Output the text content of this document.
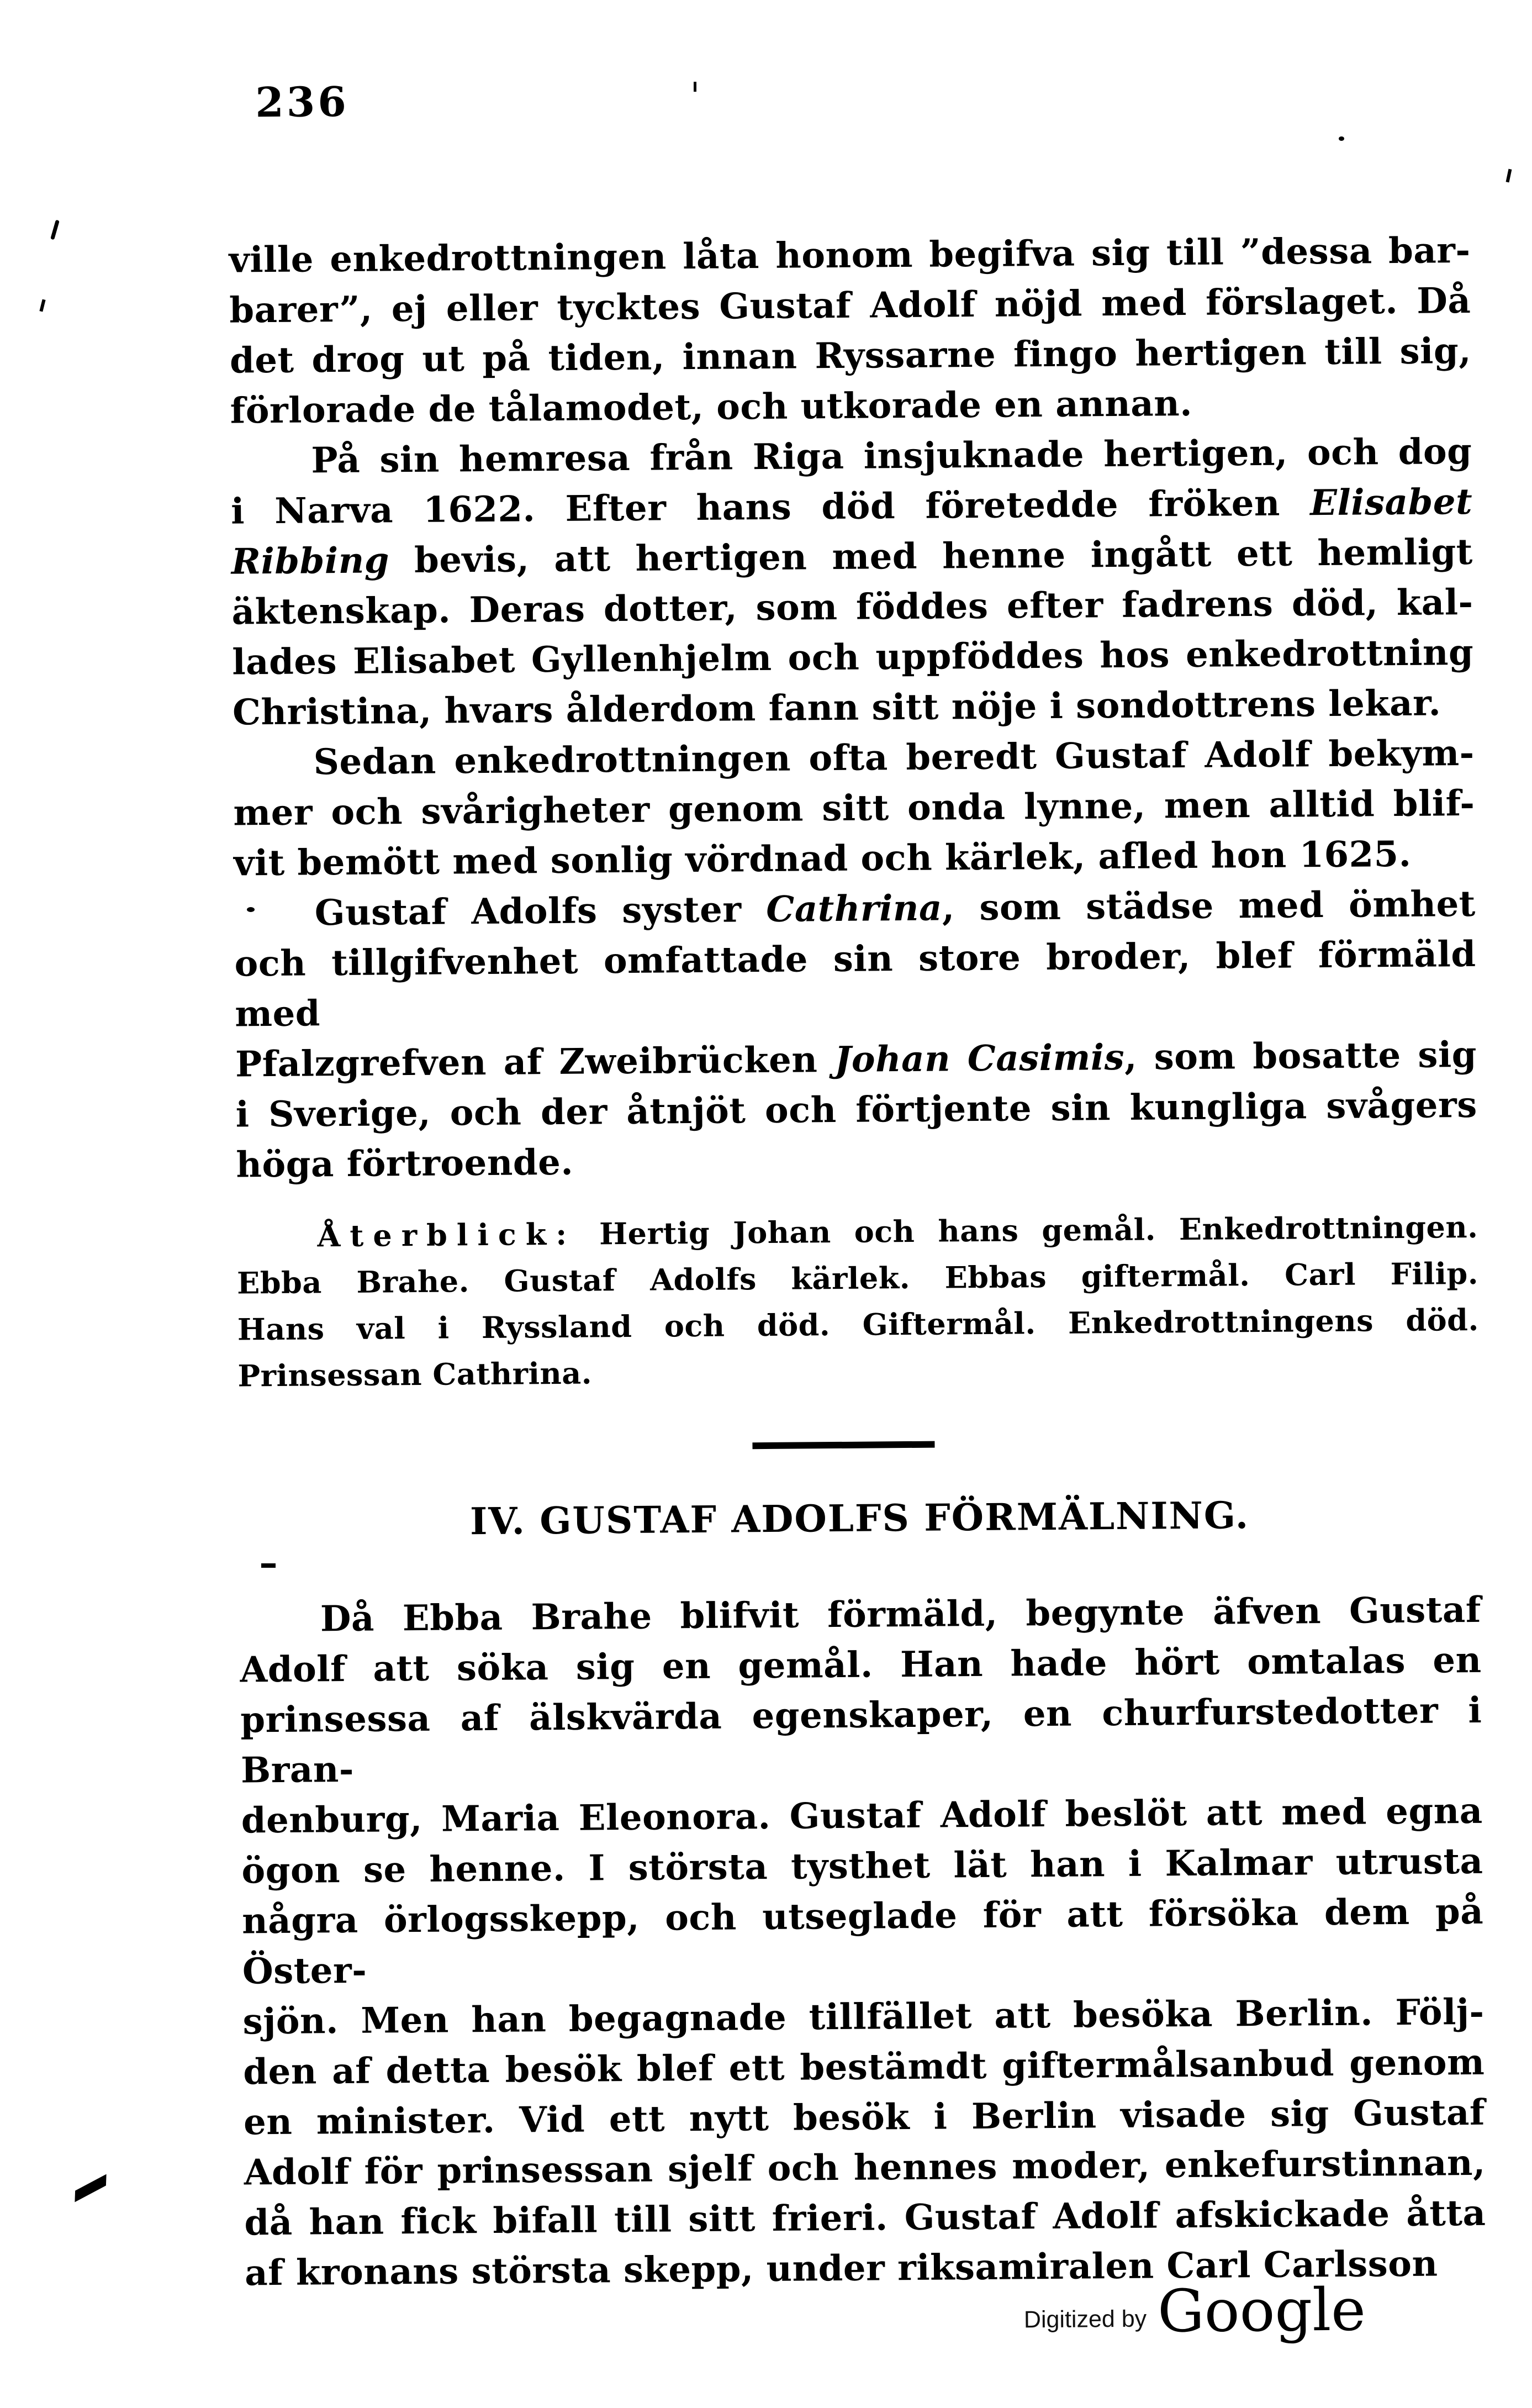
236
ville enkedrottningen låta honom begifva sig till ”dessa bar-
barer”, ej eller tycktes Gustaf Adolf nöjd med förslaget. Då
det drog ut på tiden, innan Ryssarne fingo hertigen till sig,
förlorade de tålamodet, och utkorade en annan.
På sin hemresa från Riga insjuknade hertigen, och dog
i Narva 1622. Efter hans död företedde fröken Elisabet
Ribbing bevis, att hertigen med henne ingått ett hemligt
äktenskap. Deras dotter, som föddes efter fadrens död, kal-
lades Elisabet Gyllenhjelm och uppföddes hos enkedrottning
Christina, hvars ålderdom fann sitt nöje i sondottrens lekar.
Sedan enkedrottningen ofta beredt Gustaf Adolf bekym-
mer och svårigheter genom sitt onda lynne, men alltid blif-
vit bemött med sonlig vördnad och kärlek, afled hon 1625.
Gustaf Adolfs syster Cathrina, som städse med ömhet
och tillgifvenhet omfattade sin store broder, blef förmäld med
Pfalzgrefven af Zweibrücken Johan Casimis, som bosatte sig
i Sverige, och der åtnjöt och förtjente sin kungliga svågers
höga förtroende.
Återblick: Hertig Johan och hans gemål. Enkedrottningen.
Ebba Brahe. Gustaf Adolfs kärlek. Ebbas giftermål. Carl Filip.
Hans val i Ryssland och död. Giftermål. Enkedrottningens död.
Prinsessan Cathrina.
IV. GUSTAF ADOLFS FÖRMÄLNING.
Då Ebba Brahe blifvit förmäld, begynte äfven Gustaf
Adolf att söka sig en gemål. Han hade hört omtalas en
prinsessa af älskvärda egenskaper, en churfurstedotter i Bran-
denburg, Maria Eleonora. Gustaf Adolf beslöt att med egna
ögon se henne. I största tysthet lät han i Kalmar utrusta
några örlogsskepp, och utseglade för att försöka dem på Öster-
sjön. Men han begagnade tillfället att besöka Berlin. Följ-
den af detta besök blef ett bestämdt giftermålsanbud genom
en minister. Vid ett nytt besök i Berlin visade sig Gustaf
Adolf för prinsessan sjelf och hennes moder, enkefurstinnan,
då han fick bifall till sitt frieri. Gustaf Adolf afskickade åtta
af kronans största skepp, under riksamiralen Carl Carlsson
Digitized by Google
